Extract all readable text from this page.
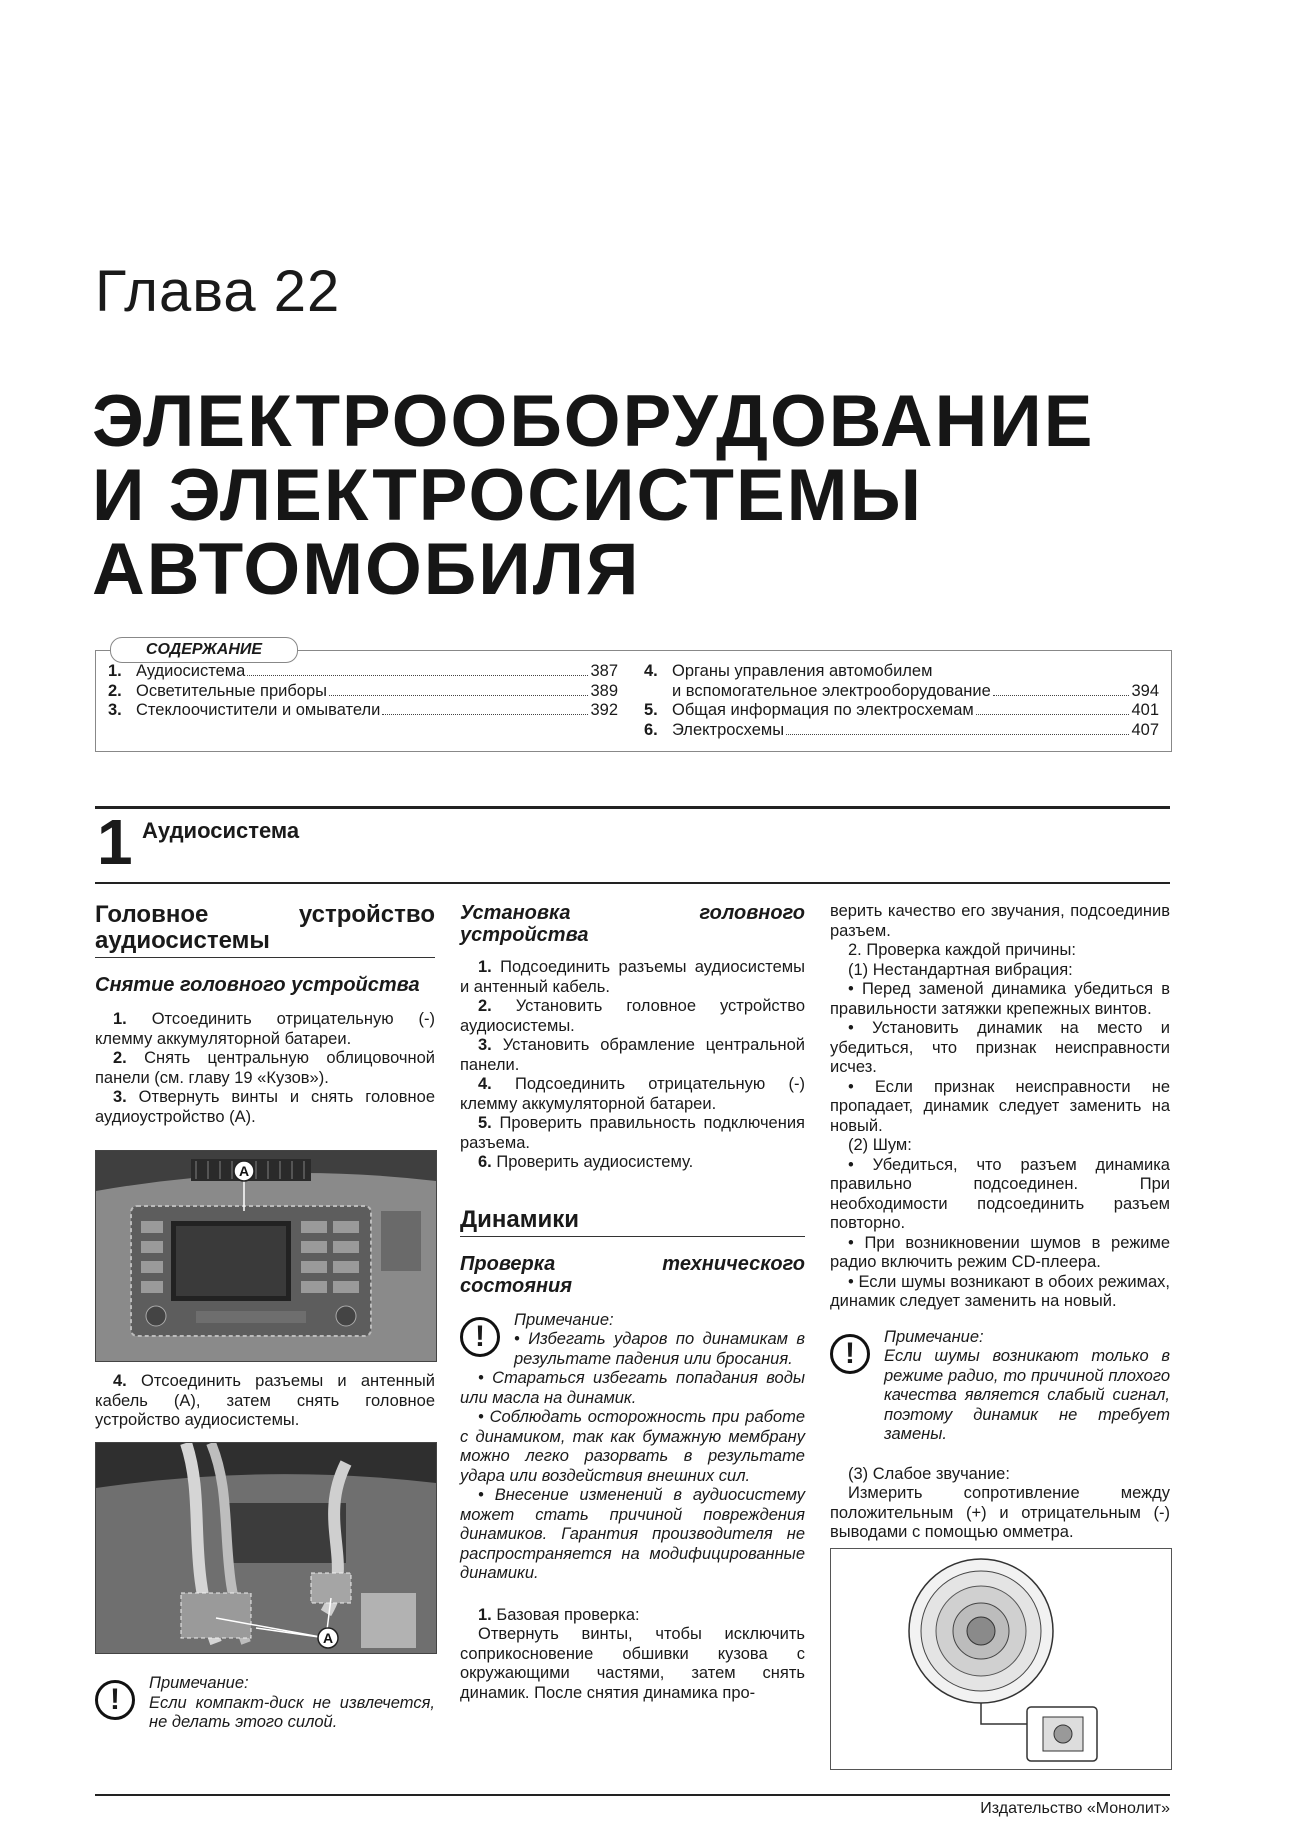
Глава 22
ЭЛЕКТРООБОРУДОВАНИЕ
И ЭЛЕКТРОСИСТЕМЫ
АВТОМОБИЛЯ
СОДЕРЖАНИЕ
1. Аудиосистема	387
2. Осветительные приборы	389
3. Стеклоочистители и омыватели	392
4. Органы управления автомобилем
и вспомогательное электрооборудование	394
5. Общая информация по электросхемам	401
6. Электросхемы	407
1 Аудиосистема

Головное устройство аудиосистемы

Снятие головного устройства

1. Отсоединить отрицательную (-) клемму аккумуляторной батареи.

2. Снять центральную облицовочной панели (см. главу 19 «Кузов»).

3. Отвернуть винты и снять головное аудиоустройство (А).

A

4. Отсоединить разъемы и антенный кабель (А), затем снять головное устройство аудиосистемы.

A
!	Примечание:

Если компакт-диск не извлечется, не делать этого силой.

Установка головного устройства

1. Подсоединить разъемы аудиосистемы и антенный кабель.

2. Установить головное устройство аудиосистемы.

3. Установить обрамление центральной панели.

4. Подсоединить отрицательную (-) клемму аккумуляторной батареи.

5. Проверить правильность подключения разъема.

6. Проверить аудиосистему.

Динамики

Проверка технического состояния

!	Примечание:

• Избегать ударов по динамикам в результате падения или бросания.

• Стараться избегать попадания воды или масла на динамик.

• Соблюдать осторожность при работе с динамиком, так как бумажную мембрану можно легко разорвать в результате удара или воздействия внешних сил.

• Внесение изменений в аудиосистему может стать причиной повреждения динамиков. Гарантия производителя не распространяется на модифицированные динамики.

1. Базовая проверка:

Отвернуть винты, чтобы исключить соприкосновение обшивки кузова с окружающими частями, затем снять динамик. После снятия динамика про-

верить качество его звучания, подсоединив разъем.

2. Проверка каждой причины:

(1) Нестандартная вибрация:

• Перед заменой динамика убедиться в правильности затяжки крепежных винтов.

• Установить динамик на место и убедиться, что признак неисправности исчез.

• Если признак неисправности не пропадает, динамик следует заменить на новый.

(2) Шум:

• Убедиться, что разъем динамика правильно подсоединен. При необходимости подсоединить разъем повторно.

• При возникновении шумов в режиме радио включить режим CD-плеера.

• Если шумы возникают в обоих режимах, динамик следует заменить на новый.

!	Примечание:

Если шумы возникают только в режиме радио, то причиной плохого качества является слабый сигнал, поэтому динамик не требует замены.

(3) Слабое звучание:

Измерить сопротивление между положительным (+) и отрицательным (-) выводами с помощью омметра.

Издательство «Монолит»
